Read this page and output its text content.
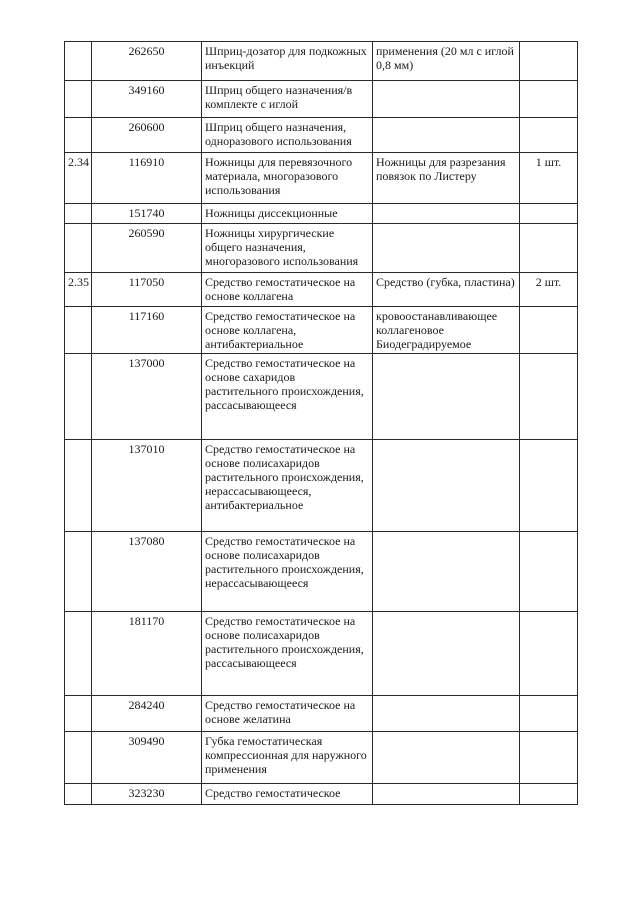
	262650	Шприц-дозатор для подкожных инъекций	применения (20 мл с иглой 0,8 мм)	
	349160	Шприц общего назначения/в комплекте с иглой		
	260600	Шприц общего назначения, одноразового использования		
2.34	116910	Ножницы для перевязочного материала, многоразового использования	Ножницы для разрезания повязок по Листеру	1 шт.
	151740	Ножницы диссекционные		
	260590	Ножницы хирургические общего назначения, многоразового использования		
2.35	117050	Средство гемостатическое на основе коллагена	Средство (губка, пластина)	2 шт.
	117160	Средство гемостатическое на основе коллагена, антибактериальное	кровоостанавливающее коллагеновое Биодеградируемое	
	137000	Средство гемостатическое на основе сахаридов растительного происхождения, рассасывающееся		
	137010	Средство гемостатическое на основе полисахаридов растительного происхождения, нерассасывающееся, антибактериальное		
	137080	Средство гемостатическое на основе полисахаридов растительного происхождения, нерассасывающееся		
	181170	Средство гемостатическое на основе полисахаридов растительного происхождения, рассасывающееся		
	284240	Средство гемостатическое на основе желатина		
	309490	Губка гемостатическая компрессионная для наружного применения		
	323230	Средство гемостатическое		
